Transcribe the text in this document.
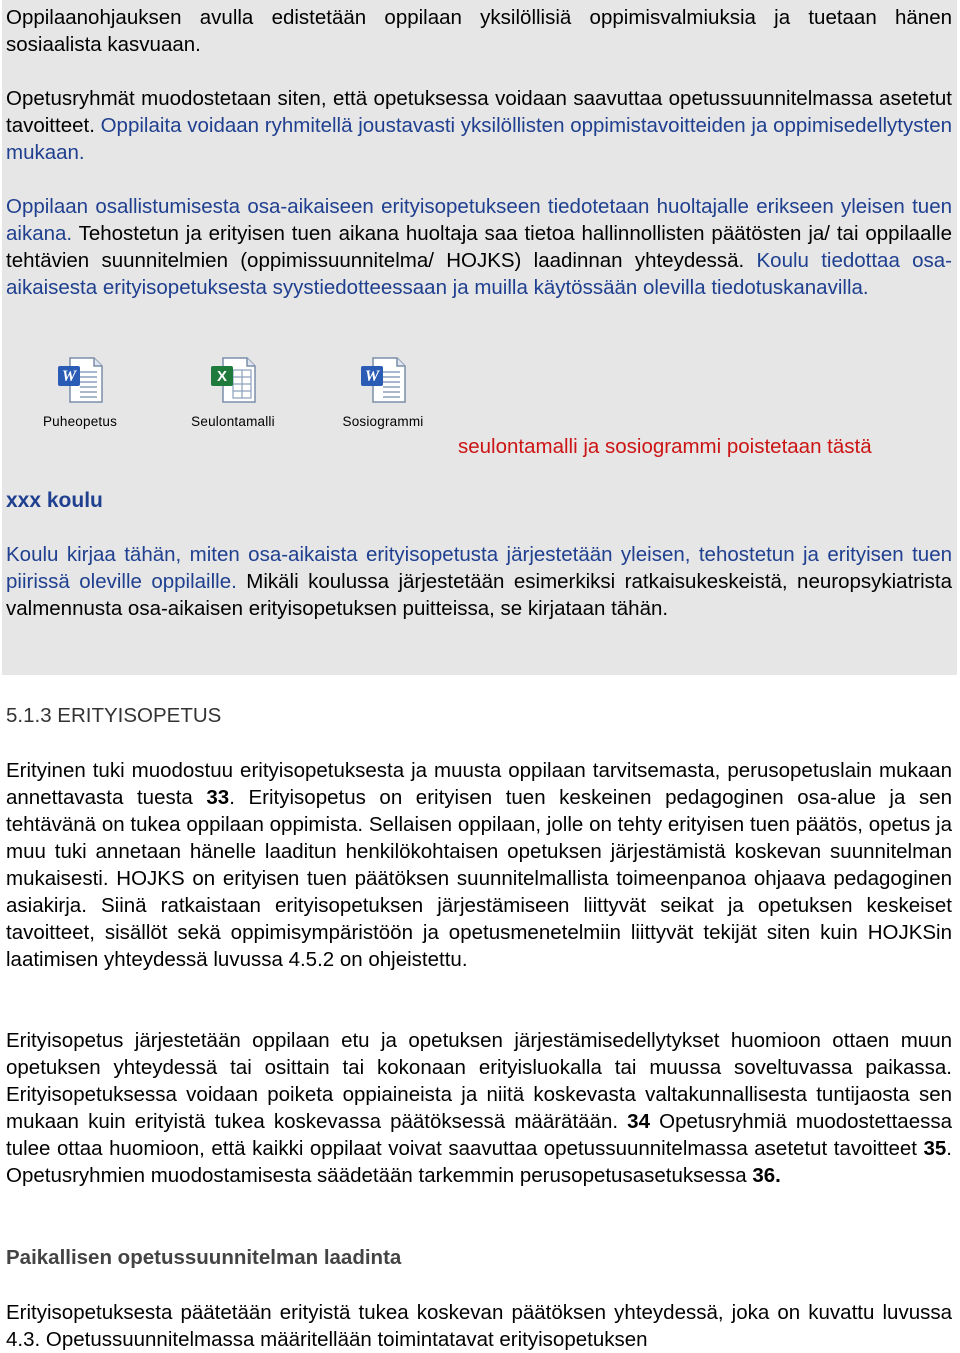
Oppilaanohjauksen avulla edistetään oppilaan yksilöllisiä oppimisvalmiuksia ja tuetaan hänen sosiaalista kasvuaan.

Opetusryhmät muodostetaan siten, että opetuksessa voidaan saavuttaa opetussuunnitelmassa asetetut tavoitteet. Oppilaita voidaan ryhmitellä joustavasti yksilöllisten oppimistavoitteiden ja oppimisedellytysten mukaan.

Oppilaan osallistumisesta osa-aikaiseen erityisopetukseen tiedotetaan huoltajalle erikseen yleisen tuen aikana. Tehostetun ja erityisen tuen aikana huoltaja saa tietoa hallinnollisten päätösten ja/ tai oppilaalle tehtävien suunnitelmien (oppimissuunnitelma/ HOJKS) laadinnan yhteydessä. Koulu tiedottaa osa-aikaisesta erityisopetuksesta syystiedotteessaan ja muilla käytössään olevilla tiedotuskanavilla.

W
Puheopetus
X
Seulontamalli
W
Sosiogrammi
seulontamalli ja sosiogrammi poistetaan tästä
xxx koulu

Koulu kirjaa tähän, miten osa-aikaista erityisopetusta järjestetään yleisen, tehostetun ja erityisen tuen piirissä oleville oppilaille. Mikäli koulussa järjestetään esimerkiksi ratkaisukeskeistä, neuropsykiatrista valmennusta osa-aikaisen erityisopetuksen puitteissa, se kirjataan tähän.

5.1.3 ERITYISOPETUS

Erityinen tuki muodostuu erityisopetuksesta ja muusta oppilaan tarvitsemasta, perusopetuslain mukaan annettavasta tuesta 33. Erityisopetus on erityisen tuen keskeinen pedagoginen osa-alue ja sen tehtävänä on tukea oppilaan oppimista. Sellaisen oppilaan, jolle on tehty erityisen tuen päätös, opetus ja muu tuki annetaan hänelle laaditun henkilökohtaisen opetuksen järjestämistä koskevan suunnitelman mukaisesti. HOJKS on erityisen tuen päätöksen suunnitelmallista toimeenpanoa ohjaava pedagoginen asiakirja. Siinä ratkaistaan erityisopetuksen järjestämiseen liittyvät seikat ja opetuksen keskeiset tavoitteet, sisällöt sekä oppimisympäristöön ja opetusmenetelmiin liittyvät tekijät siten kuin HOJKSin laatimisen yhteydessä luvussa 4.5.2 on ohjeistettu.

Erityisopetus järjestetään oppilaan etu ja opetuksen järjestämisedellytykset huomioon ottaen muun opetuksen yhteydessä tai osittain tai kokonaan erityisluokalla tai muussa soveltuvassa paikassa. Erityisopetuksessa voidaan poiketa oppiaineista ja niitä koskevasta valtakunnallisesta tuntijaosta sen mukaan kuin erityistä tukea koskevassa päätöksessä määrätään. 34 Opetusryhmiä muodostettaessa tulee ottaa huomioon, että kaikki oppilaat voivat saavuttaa opetussuunnitelmassa asetetut tavoitteet 35. Opetusryhmien muodostamisesta säädetään tarkemmin perusopetusasetuksessa 36.

Paikallisen opetussuunnitelman laadinta

Erityisopetuksesta päätetään erityistä tukea koskevan päätöksen yhteydessä, joka on kuvattu luvussa 4.3. Opetussuunnitelmassa määritellään toimintatavat erityisopetuksen
